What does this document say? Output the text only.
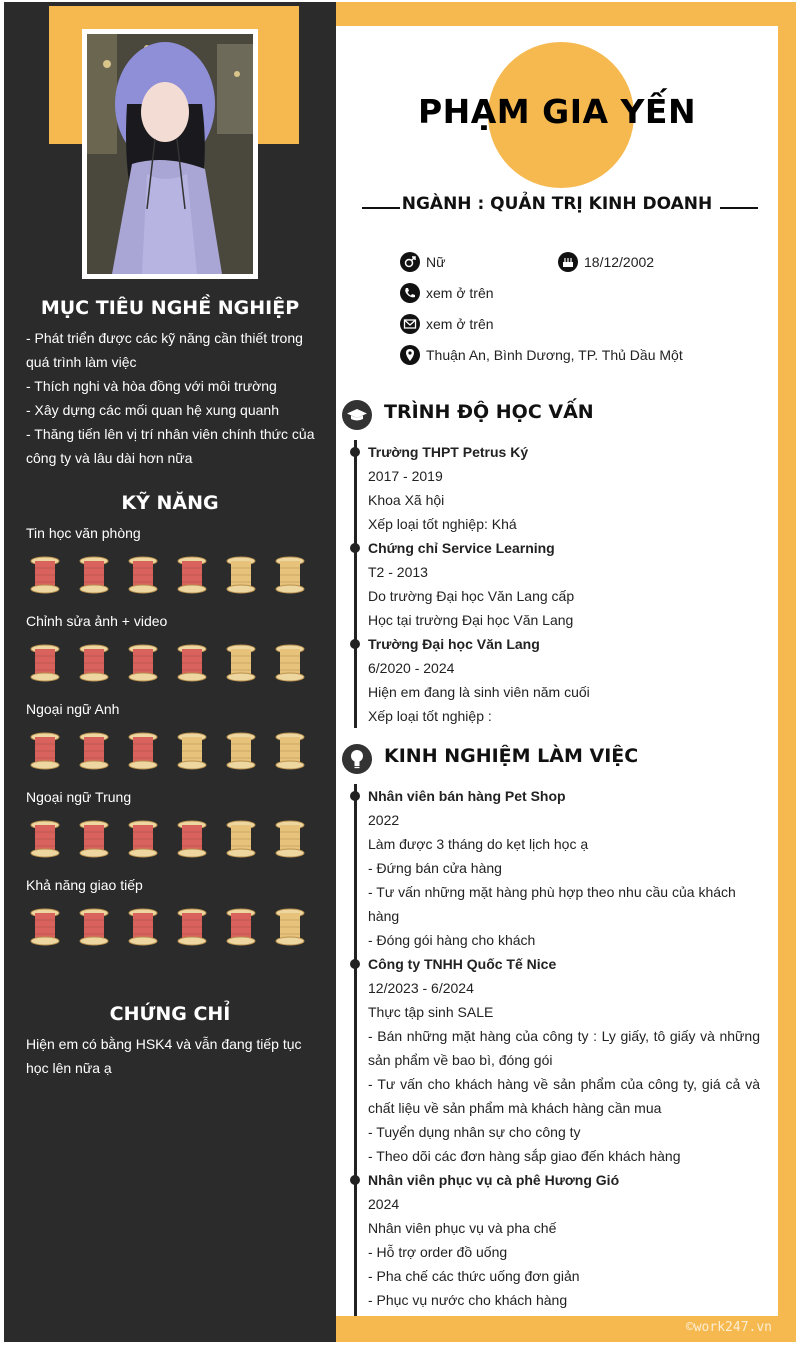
MỤC TIÊU NGHỀ NGHIỆP
- Phát triển được các kỹ năng cần thiết trong quá trình làm việc
- Thích nghi và hòa đồng với môi trường
- Xây dựng các mối quan hệ xung quanh
- Thăng tiến lên vị trí nhân viên chính thức của công ty và lâu dài hơn nữa
KỸ NĂNG
Tin học văn phòng
Chỉnh sửa ảnh + video
Ngoại ngữ Anh
Ngoại ngữ Trung
Khả năng giao tiếp
CHỨNG CHỈ
Hiện em có bằng HSK4 và vẫn đang tiếp tục học lên nữa ạ
PHẠM GIA YẾN
NGÀNH : QUẢN TRỊ KINH DOANH
Nữ	18/12/2002
xem ở trên
xem ở trên
Thuận An, Bình Dương, TP. Thủ Dầu Một
TRÌNH ĐỘ HỌC VẤN
Trường THPT Petrus Ký
2017 - 2019
Khoa Xã hội
Xếp loại tốt nghiệp: Khá
Chứng chỉ Service Learning
T2 - 2013
Do trường Đại học Văn Lang cấp
Học tại trường Đại học Văn Lang
Trường Đại học Văn Lang
6/2020 - 2024
Hiện em đang là sinh viên năm cuối
Xếp loại tốt nghiệp :
KINH NGHIỆM LÀM VIỆC
Nhân viên bán hàng Pet Shop
2022
Làm được 3 tháng do kẹt lịch học ạ
- Đứng bán cửa hàng
- Tư vấn những mặt hàng phù hợp theo nhu cầu của khách hàng
- Đóng gói hàng cho khách
Công ty TNHH Quốc Tế Nice
12/2023 - 6/2024
Thực tập sinh SALE
- Bán những mặt hàng của công ty : Ly giấy, tô giấy và những sản phẩm về bao bì, đóng gói
- Tư vấn cho khách hàng về sản phẩm của công ty, giá cả và chất liệu về sản phẩm mà khách hàng cần mua
- Tuyển dụng nhân sự cho công ty
- Theo dõi các đơn hàng sắp giao đến khách hàng
Nhân viên phục vụ cà phê Hương Gió
2024
Nhân viên phục vụ và pha chế
- Hỗ trợ order đồ uống
- Pha chế các thức uống đơn giản
- Phục vụ nước cho khách hàng
©work247.vn
